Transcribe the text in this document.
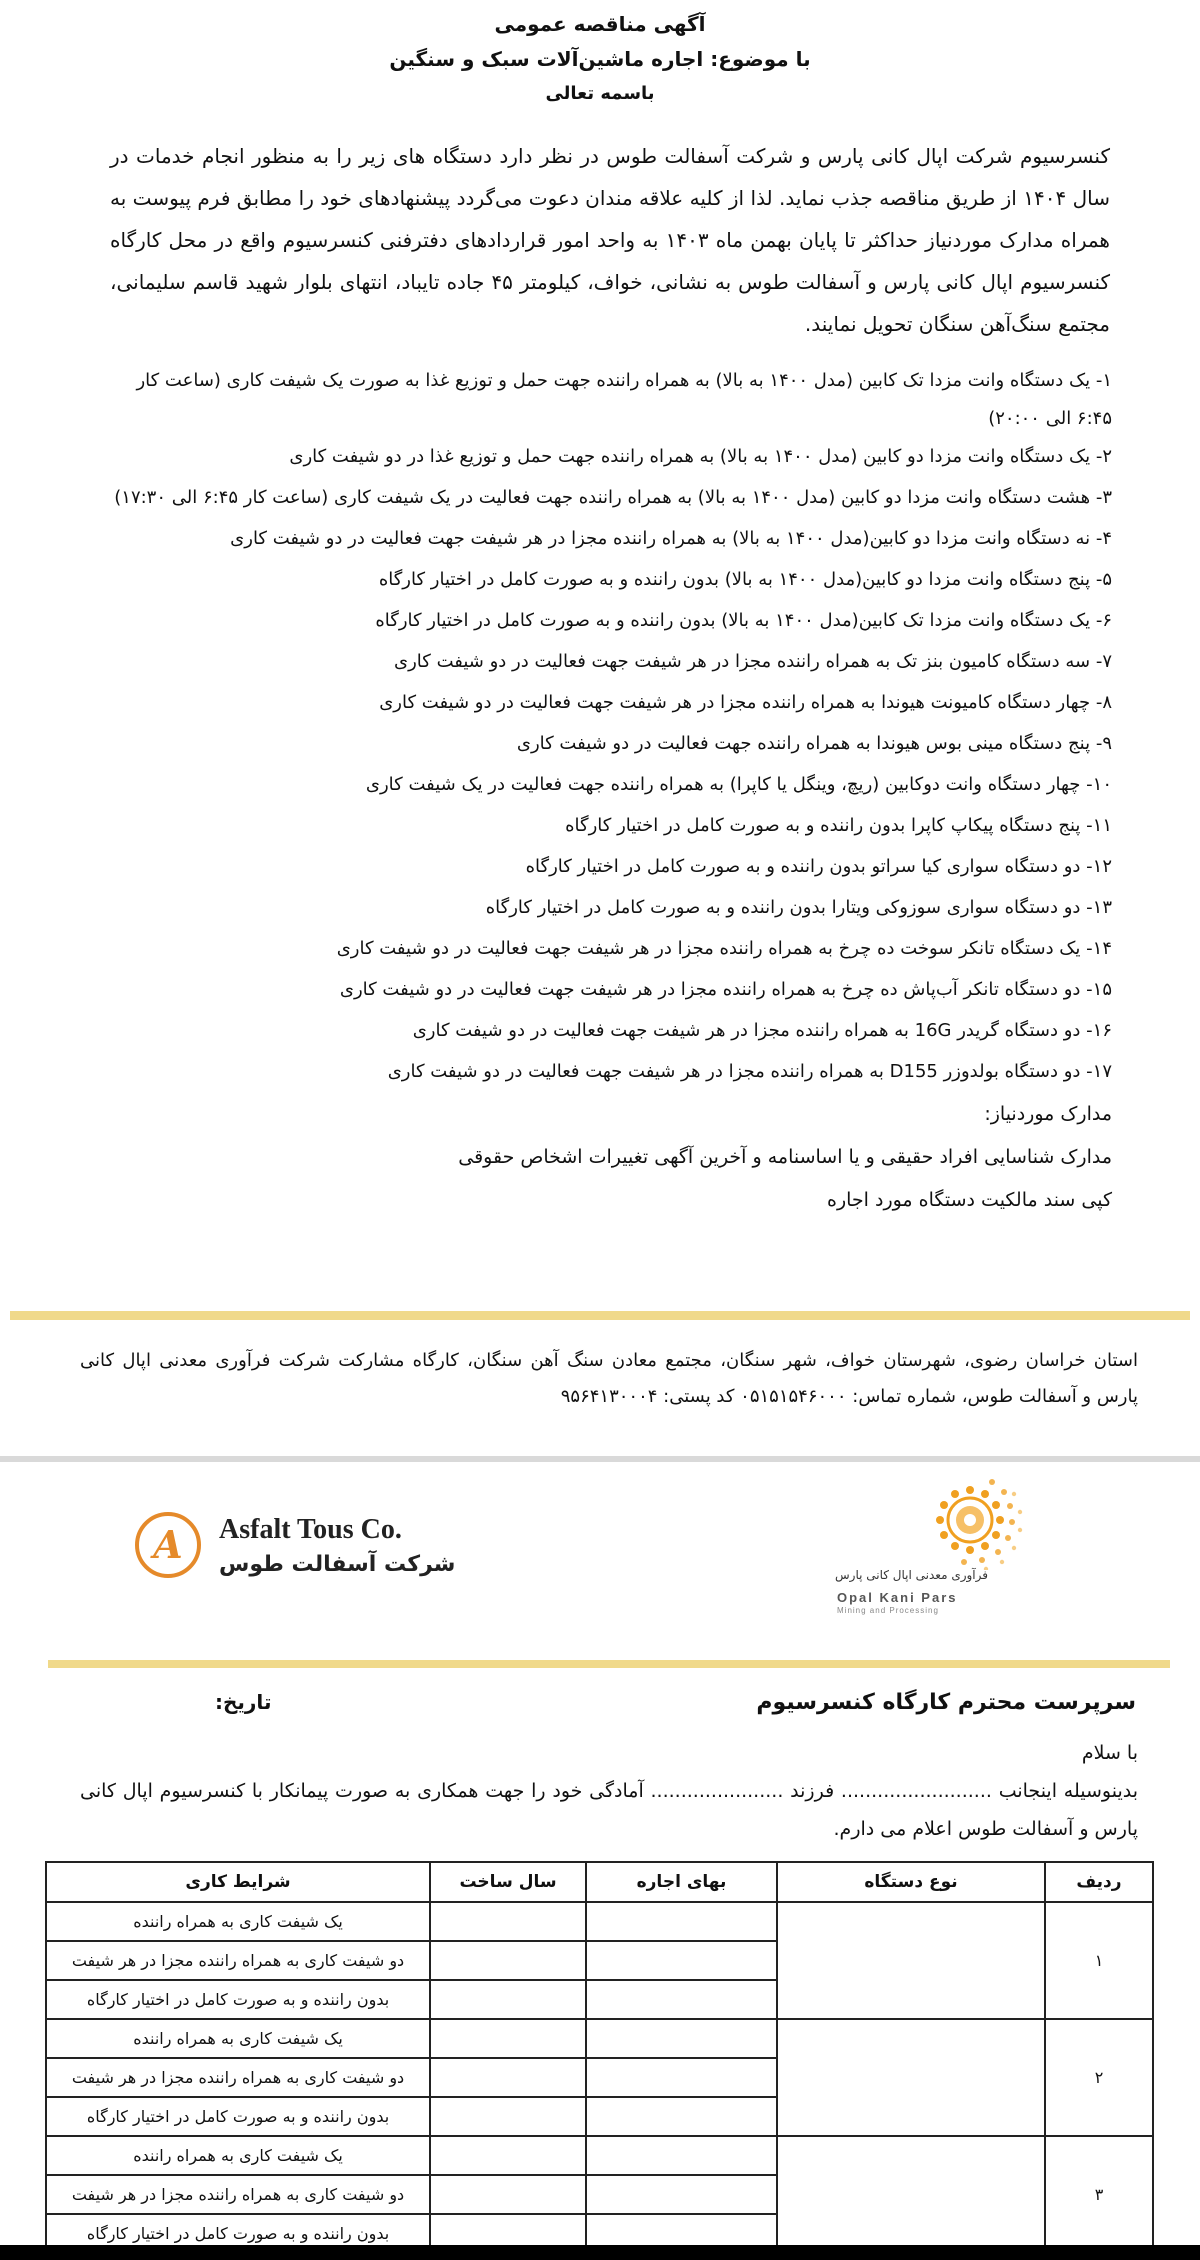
آگهی مناقصه عمومی
با موضوع: اجاره ماشین‌آلات سبک و سنگین
باسمه تعالی
کنسرسیوم شرکت اپال کانی پارس و شرکت آسفالت طوس در نظر دارد دستگاه های زیر را به منظور انجام خدمات در سال ۱۴۰۴ از طریق مناقصه جذب نماید. لذا از کلیه علاقه مندان دعوت می‌گردد پیشنهادهای خود را مطابق فرم پیوست به همراه مدارک موردنیاز حداکثر تا پایان بهمن ماه ۱۴۰۳ به واحد امور قراردادهای دفترفنی کنسرسیوم واقع در محل کارگاه کنسرسیوم اپال کانی پارس و آسفالت طوس به نشانی، خواف، کیلومتر ۴۵ جاده تایباد، انتهای بلوار شهید قاسم سلیمانی، مجتمع سنگ‌آهن سنگان تحویل نمایند.
۱- یک دستگاه وانت مزدا تک کابین (مدل ۱۴۰۰ به بالا) به همراه راننده جهت حمل و توزیع غذا به صورت یک شیفت کاری (ساعت کار ۶:۴۵ الی ۲۰:۰۰)
۲- یک دستگاه وانت مزدا دو کابین (مدل ۱۴۰۰ به بالا) به همراه راننده جهت حمل و توزیع غذا در دو شیفت کاری
۳- هشت دستگاه وانت مزدا دو کابین (مدل ۱۴۰۰ به بالا) به همراه راننده جهت فعالیت در یک شیفت کاری (ساعت کار ۶:۴۵ الی ۱۷:۳۰)
۴- نه دستگاه وانت مزدا دو کابین(مدل ۱۴۰۰ به بالا) به همراه راننده مجزا در هر شیفت جهت فعالیت در دو شیفت کاری
۵- پنج دستگاه وانت مزدا دو کابین(مدل ۱۴۰۰ به بالا) بدون راننده و به صورت کامل در اختیار کارگاه
۶- یک دستگاه وانت مزدا تک کابین(مدل ۱۴۰۰ به بالا) بدون راننده و به صورت کامل در اختیار کارگاه
۷- سه دستگاه کامیون بنز تک به همراه راننده مجزا در هر شیفت جهت فعالیت در دو شیفت کاری
۸- چهار دستگاه کامیونت هیوندا به همراه راننده مجزا در هر شیفت جهت فعالیت در دو شیفت کاری
۹- پنج دستگاه مینی بوس هیوندا به همراه راننده جهت فعالیت در دو شیفت کاری
۱۰- چهار دستگاه وانت دوکابین (ریچ، وینگل یا کاپرا) به همراه راننده جهت فعالیت در یک شیفت کاری
۱۱- پنج دستگاه پیکاپ کاپرا بدون راننده و به صورت کامل در اختیار کارگاه
۱۲- دو دستگاه سواری کیا سراتو بدون راننده و به صورت کامل در اختیار کارگاه
۱۳- دو دستگاه سواری سوزوکی ویتارا بدون راننده و به صورت کامل در اختیار کارگاه
۱۴- یک دستگاه تانکر سوخت ده چرخ به همراه راننده مجزا در هر شیفت جهت فعالیت در دو شیفت کاری
۱۵- دو دستگاه تانکر آب‌پاش ده چرخ به همراه راننده مجزا در هر شیفت جهت فعالیت در دو شیفت کاری
۱۶- دو دستگاه گریدر 16G به همراه راننده مجزا در هر شیفت جهت فعالیت در دو شیفت کاری
۱۷- دو دستگاه بولدوزر D155 به همراه راننده مجزا در هر شیفت جهت فعالیت در دو شیفت کاری
مدارک موردنیاز:
مدارک شناسایی افراد حقیقی و یا اساسنامه و آخرین آگهی تغییرات اشخاص حقوقی
کپی سند مالکیت دستگاه مورد اجاره
استان خراسان رضوی، شهرستان خواف، شهر سنگان، مجتمع معادن سنگ آهن سنگان، کارگاه مشارکت شرکت فرآوری معدنی اپال کانی پارس و آسفالت طوس، شماره تماس: ۰۵۱۵۱۵۴۶۰۰۰ کد پستی: ۹۵۶۴۱۳۰۰۰۴
A	Asfalt Tous Co.
شرکت آسفالت طوس	فرآوری معدنی اپال کانی پارس
Opal Kani Pars
Mining and Processing
سرپرست محترم کارگاه کنسرسیوم
تاریخ:
با سلام
بدینوسیله اینجانب ......................... فرزند ...................... آمادگی خود را جهت همکاری به صورت پیمانکار با کنسرسیوم اپال کانی پارس و آسفالت طوس اعلام می دارم.
ردیف	نوع دستگاه	بهای اجاره	سال ساخت	شرایط کاری
۱				یک شیفت کاری به همراه راننده
				دو شیفت کاری به همراه راننده مجزا در هر شیفت
				بدون راننده و به صورت کامل در اختیار کارگاه
۲				یک شیفت کاری به همراه راننده
				دو شیفت کاری به همراه راننده مجزا در هر شیفت
				بدون راننده و به صورت کامل در اختیار کارگاه
۳				یک شیفت کاری به همراه راننده
				دو شیفت کاری به همراه راننده مجزا در هر شیفت
				بدون راننده و به صورت کامل در اختیار کارگاه
